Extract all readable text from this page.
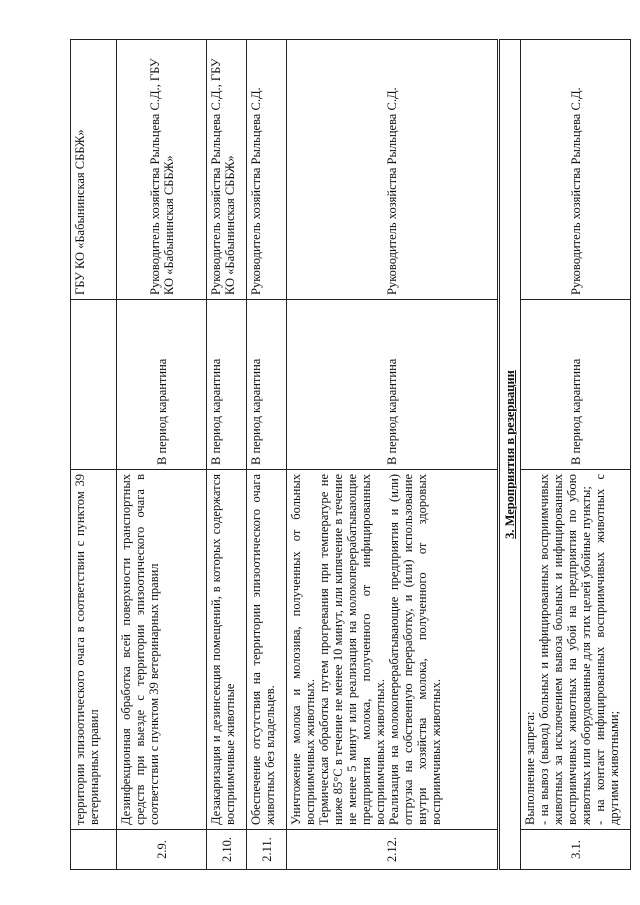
	территории эпизоотического очага в соответствии с пунктом 39 ветеринарных правил		ГБУ КО «Бабынинская СББЖ»
2.9.	Дезинфекционная обработка всей поверхности транспортных средств при выезде с территории эпизоотического очага в соответствии с пунктом 39 ветеринарных правил	В период карантина	Руководитель хозяйства Рыльцева С.Д., ГБУ КО «Бабынинская СББЖ»
2.10.	Дезакаризация и дезинсекция помещений, в которых содержатся восприимчивые животные	В период карантина	Руководитель хозяйства Рыльцева С.Д., ГБУ КО «Бабынинская СББЖ»
2.11.	Обеспечение отсутствия на территории эпизоотического очага животных без владельцев.	В период карантина	Руководитель хозяйства Рыльцева С.Д.
2.12.	Уничтожение молока и молозива, полученных от больных восприимчивых животных. Термическая обработка путем прогревания при температуре не ниже 85°С в течение не менее 10 минут, или кипячение в течение не менее 5 минут или реализация на молокоперерабатывающие предприятия молока, полученного от инфицированных восприимчивых животных. Реализация на молокоперерабатывающие предприятия и (или) отгрузка на собственную переработку, и (или) использование внутри хозяйства молока, полученного от здоровых восприимчивых животных.	В период карантина	Руководитель хозяйства Рыльцева С.Д.
3. Мероприятия в резервации			
3.1.	Выполнение запрета: - на вывоз (вывод) больных и инфицированных восприимчивых животных за исключением вывоза больных и инфицированных восприимчивых животных на убой на предприятия по убою животных или оборудованные для этих целей убойные пункты; - на контакт инфицированных восприимчивых животных с другими животными;	В период карантина	Руководитель хозяйства Рыльцева С.Д.
